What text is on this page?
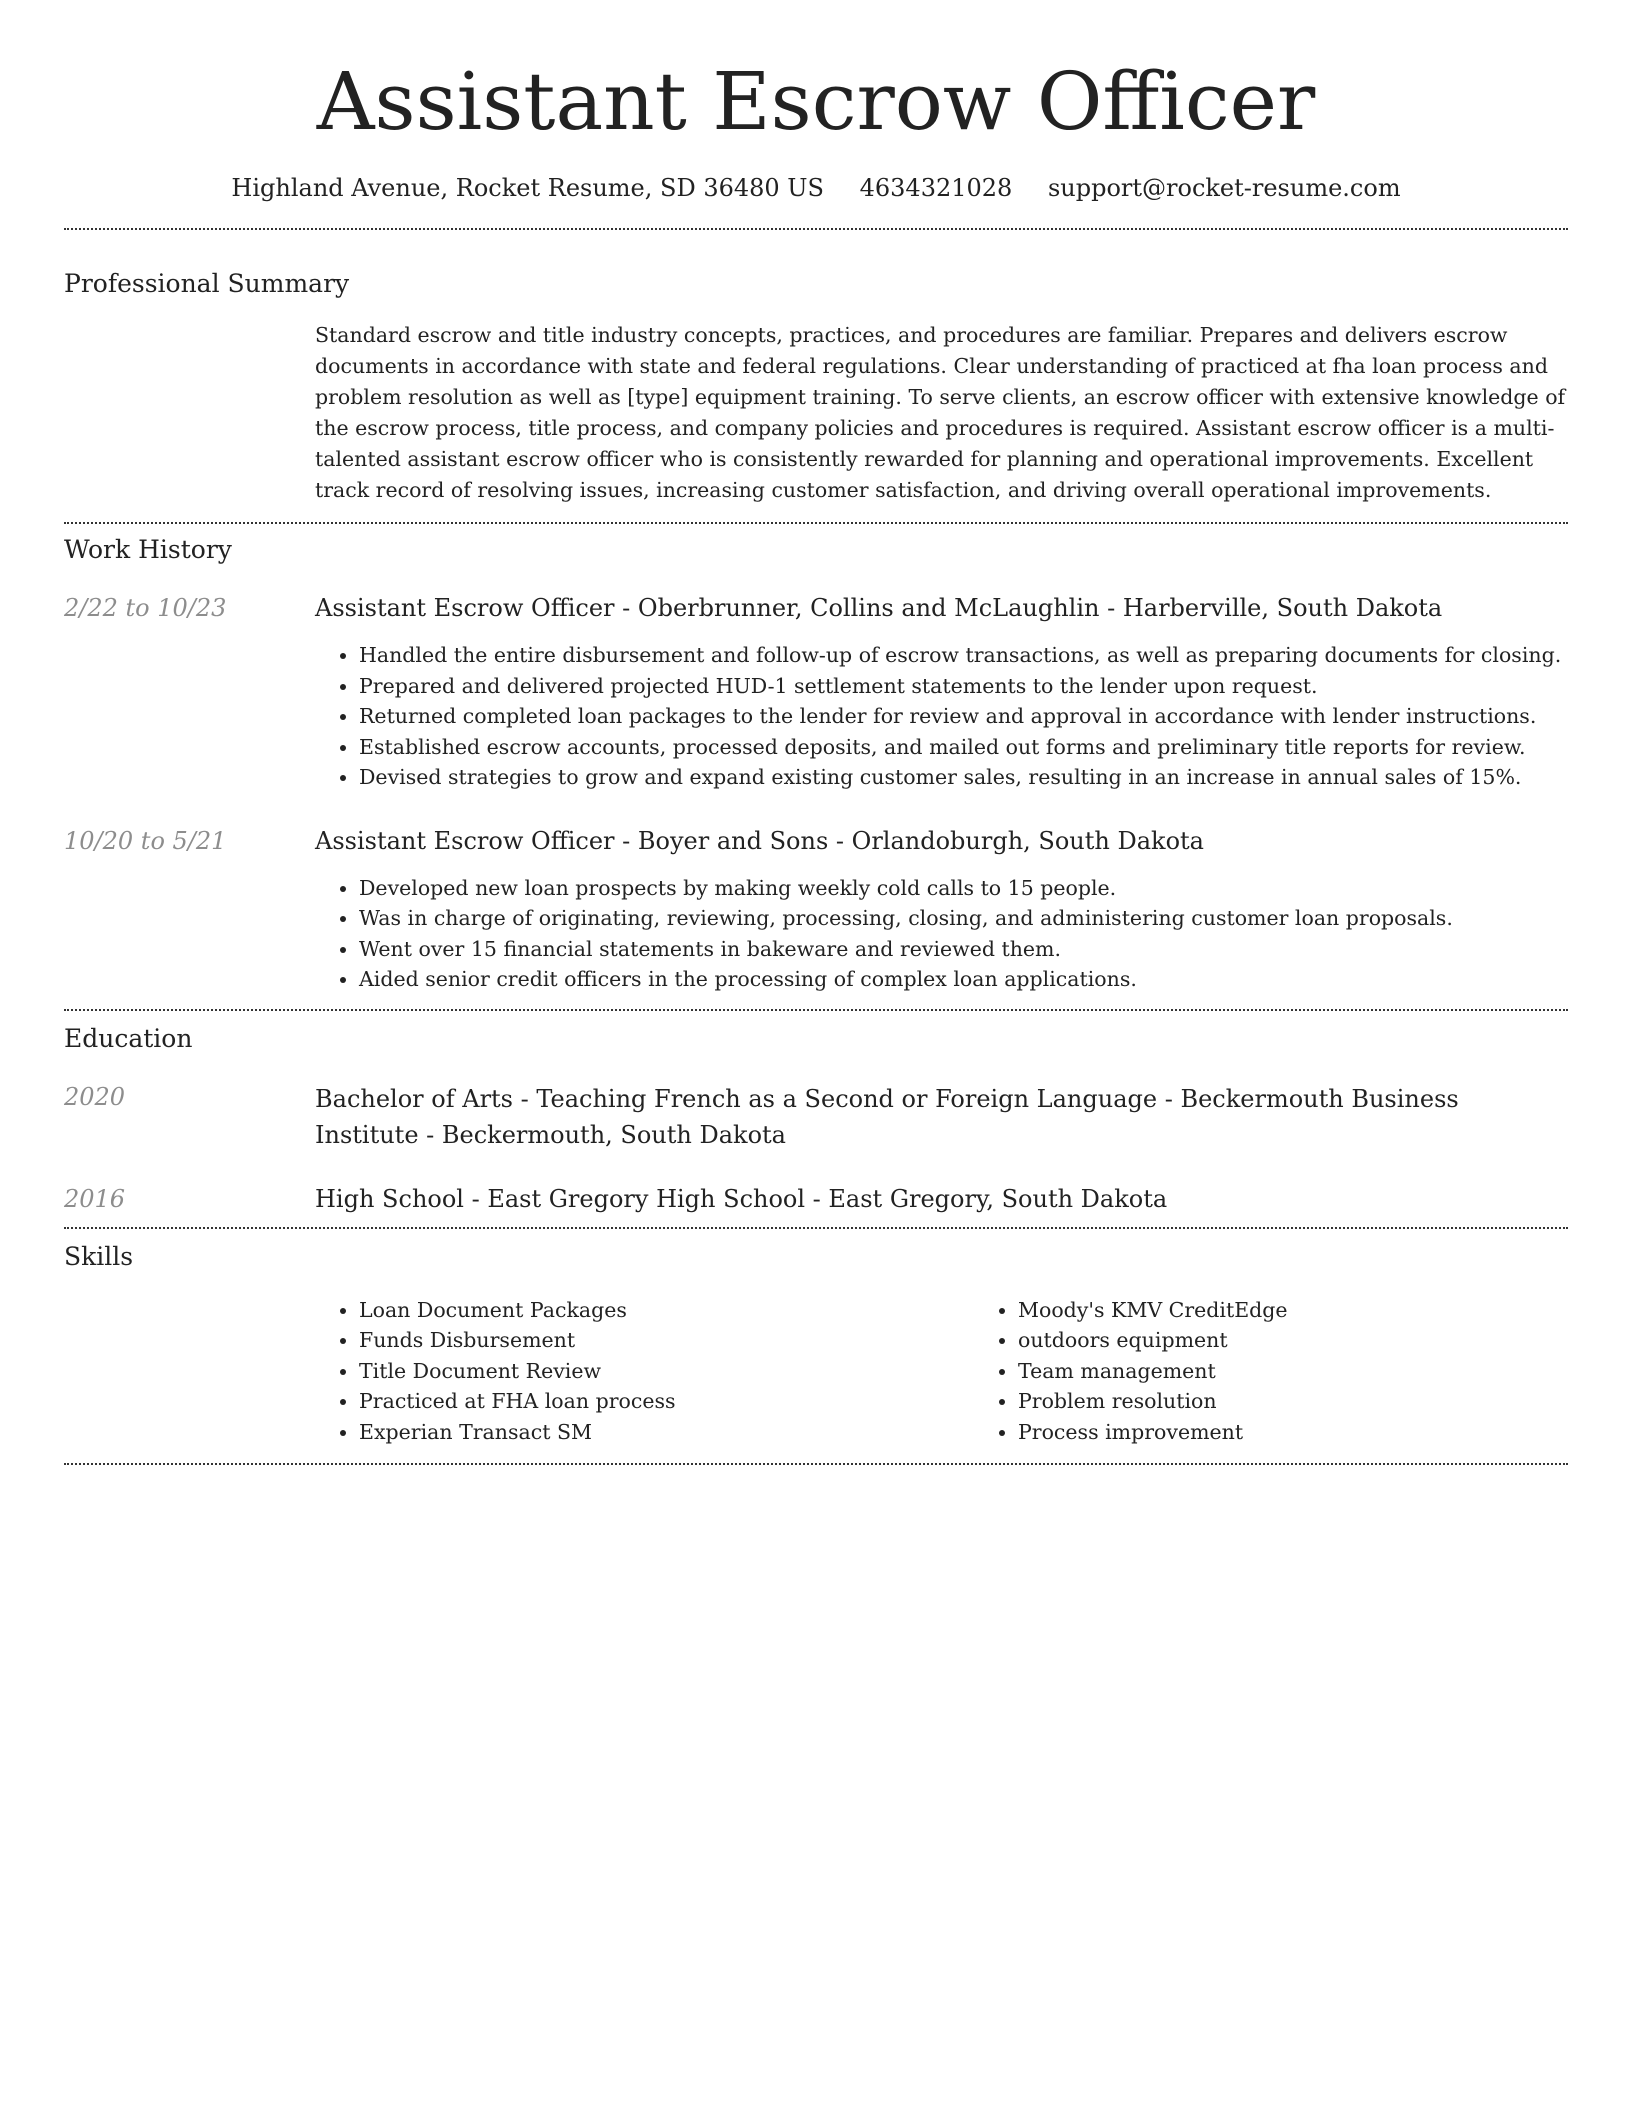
Assistant Escrow Officer
Highland Avenue, Rocket Resume, SD 36480 US 4634321028 support@rocket-resume.com
Professional Summary
Standard escrow and title industry concepts, practices, and procedures are familiar. Prepares and delivers escrow documents in accordance with state and federal regulations. Clear understanding of practiced at fha loan process and problem resolution as well as [type] equipment training. To serve clients, an escrow officer with extensive knowledge of the escrow process, title process, and company policies and procedures is required. Assistant escrow officer is a multi-talented assistant escrow officer who is consistently rewarded for planning and operational improvements. Excellent track record of resolving issues, increasing customer satisfaction, and driving overall operational improvements.
Work History
2/22 to 10/23	Assistant Escrow Officer - Oberbrunner, Collins and McLaughlin - Harberville, South Dakota
• Handled the entire disbursement and follow-up of escrow transactions, as well as preparing documents for closing.
• Prepared and delivered projected HUD-1 settlement statements to the lender upon request.
• Returned completed loan packages to the lender for review and approval in accordance with lender instructions.
• Established escrow accounts, processed deposits, and mailed out forms and preliminary title reports for review.
• Devised strategies to grow and expand existing customer sales, resulting in an increase in annual sales of 15%.
10/20 to 5/21	Assistant Escrow Officer - Boyer and Sons - Orlandoburgh, South Dakota
• Developed new loan prospects by making weekly cold calls to 15 people.
• Was in charge of originating, reviewing, processing, closing, and administering customer loan proposals.
• Went over 15 financial statements in bakeware and reviewed them.
• Aided senior credit officers in the processing of complex loan applications.
Education
2020	Bachelor of Arts - Teaching French as a Second or Foreign Language - Beckermouth Business Institute - Beckermouth, South Dakota
2016	High School - East Gregory High School - East Gregory, South Dakota
Skills
• Loan Document Packages
• Funds Disbursement
• Title Document Review
• Practiced at FHA loan process
• Experian Transact SM
• Moody's KMV CreditEdge
• outdoors equipment
• Team management
• Problem resolution
• Process improvement
